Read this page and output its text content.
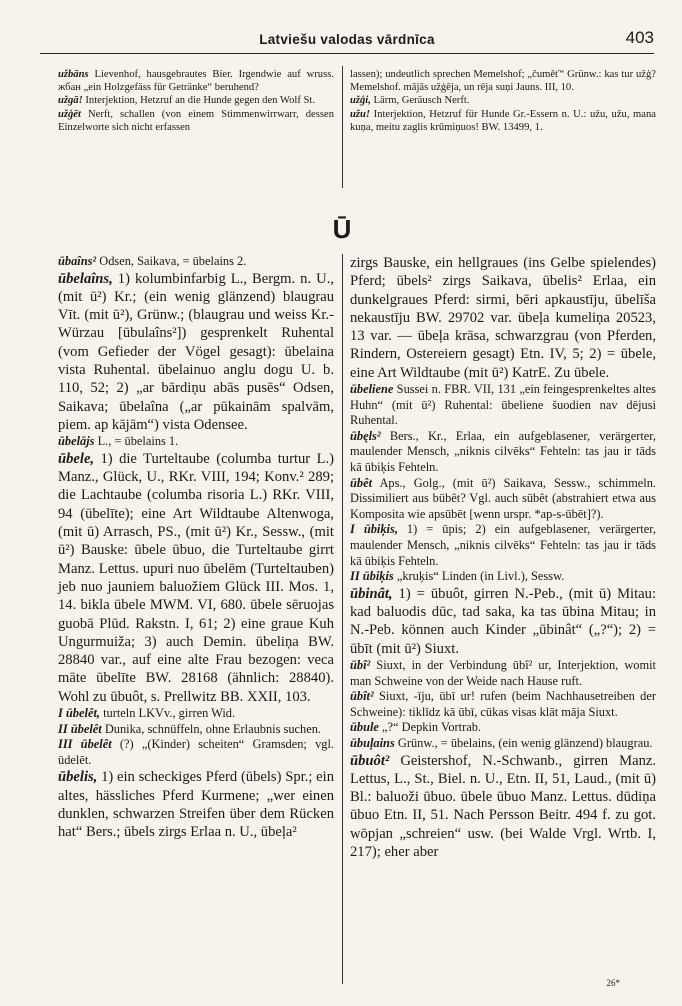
Latviešu valodas vārdnīca	403

užbāns Lievenhof, hausgebrautes Bier. Irgendwie auf wruss. жбан „ein Holzgefäss für Getränke“ beruhend?

užgā! Interjektion, Hetzruf an die Hunde gegen den Wolf St.

užģēt Nerft, schallen (von einem Stimmenwirrwarr, dessen Einzelworte sich nicht erfassen

lassen); undeutlich sprechen Memelshof; „čuměť“ Grünw.: kas tur užģ? Memelshof. mājās užģēja, un rēja suņi Jauns. III, 10.

užģi, Lärm, Geräusch Nerft.

užu! Interjektion, Hetzruf für Hunde Gr.-Essern n. U.: užu, užu, mana kuņa, meitu zaglis krūmiņuos! BW. 13499, 1.

Ū

ūbaîns² Odsen, Saikava, = ūbelains 2.

ūbelaîns, 1) kolumbinfarbig L., Bergm. n. U., (mit ū²) Kr.; (ein wenig glänzend) blaugrau Vīt. (mit ū²), Grünw.; (blaugrau und weiss Kr.-Würzau [ūbulaîns²]) gesprenkelt Ruhental (vom Gefieder der Vögel gesagt): ūbelaina vista Ruhental. ūbelainuo anglu dogu U. b. 110, 52; 2) „ar bārdiņu abās pusēs“ Odsen, Saikava; ūbelaîna („ar pūkainām spalvām, piem. ap kājām“) vista Odensee.

ūbelājs L., = ūbelains 1.

ūbele, 1) die Turteltaube (columba turtur L.) Manz., Glück, U., RKr. VIII, 194; Konv.² 289; die Lachtaube (columba risoria L.) RKr. VIII, 94 (ūbelīte); eine Art Wildtaube Altenwoga, (mit ū) Arrasch, PS., (mit ū²) Kr., Sessw., (mit ū²) Bauske: ūbele ūbuo, die Turteltaube girrt Manz. Lettus. upuri nuo ūbelēm (Turteltauben) jeb nuo jauniem baluožiem Glück III. Mos. 1, 14. bikla ūbele MWM. VI, 680. ūbele sēruojas guobā Plūd. Rakstn. I, 61; 2) eine graue Kuh Ungurmuiža; 3) auch Demin. ūbeliņa BW. 28840 var., auf eine alte Frau bezogen: veca māte ūbelīte BW. 28168 (ähnlich: 28840). Wohl zu ūbuôt, s. Prellwitz BB. XXII, 103.

I ūbelêt, turteln LKVv., girren Wid.

II ūbelêt Dunika, schnüffeln, ohne Erlaubnis suchen.

III ūbelêt (?) „(Kinder) scheiten“ Gramsden; vgl. ūdelēt.

ūbelis, 1) ein scheckiges Pferd (ūbels) Spr.; ein altes, hässliches Pferd Kurmene; „wer einen dunklen, schwarzen Streifen über dem Rücken hat“ Bers.; ūbels zirgs Erlaa n. U., ūbeļa²

zirgs Bauske, ein hellgraues (ins Gelbe spielendes) Pferd; ūbels² zirgs Saikava, ūbelis² Erlaa, ein dunkelgraues Pferd: sirmi, bēri apkaustīju, ūbelīša nekaustīju BW. 29702 var. ūbeļa kumeliņa 20523, 13 var. — ūbeļa krāsa, schwarzgrau (von Pferden, Rindern, Ostereiern gesagt) Etn. IV, 5; 2) = ūbele, eine Art Wildtaube (mit ū²) KatrE. Zu ūbele.

ūbeliene Sussei n. FBR. VII, 131 „ein feingesprenkeltes altes Huhn“ (mit ū²) Ruhental: ūbeliene šuodien nav dējusi Ruhental.

ūbęls² Bers., Kr., Erlaa, ein aufgeblasener, verärgerter, maulender Mensch, „niknis cilvēks“ Fehteln: tas jau ir tāds kā ūbiķis Fehteln.

ūbêt Aps., Golg., (mit ū²) Saikava, Sessw., schimmeln. Dissimiliert aus būbêt? Vgl. auch sūbêt (abstrahiert etwa aus Kompositа wie apsūbēt [wenn urspr. *ap-s-ūbēt]?).

I ūbiķis, 1) = ūpis; 2) ein aufgeblasener, verärgerter, maulender Mensch, „niknis cilvēks“ Fehteln: tas jau ir tāds kā ūbiķis Fehteln.

II ūbiķis „kruķis“ Linden (in Livl.), Sessw.

ūbinât, 1) = ūbuôt, girren N.-Peb., (mit ū) Mitau: kad baluodis dūc, tad saka, ka tas ūbina Mitau; in N.-Peb. können auch Kinder „ūbinât“ („?“); 2) = ūbīt (mit ū²) Siuxt.

ūbî² Siuxt, in der Verbindung ūbî² ur, Interjektion, womit man Schweine von der Weide nach Hause ruft.

ūbît² Siuxt, -īju, ūbī ur! rufen (beim Nachhausetreiben der Schweine): tiklīdz kā ūbī, cūkas visas klāt māja Siuxt.

ūbule „?“ Depkin Vortrab.

ūbuļains Grünw., = ūbelains, (ein wenig glänzend) blaugrau.

ūbuôt² Geistershof, N.-Schwanb., girren Manz. Lettus, L., St., Biel. n. U., Etn. II, 51, Laud., (mit ū) Bl.: baluoži ūbuo. ūbele ūbuo Manz. Lettus. dūdiņa ūbuo Etn. II, 51. Nach Persson Beitr. 494 f. zu got. wōpjan „schreien“ usw. (bei Walde Vrgl. Wrtb. I, 217); eher aber

26*
